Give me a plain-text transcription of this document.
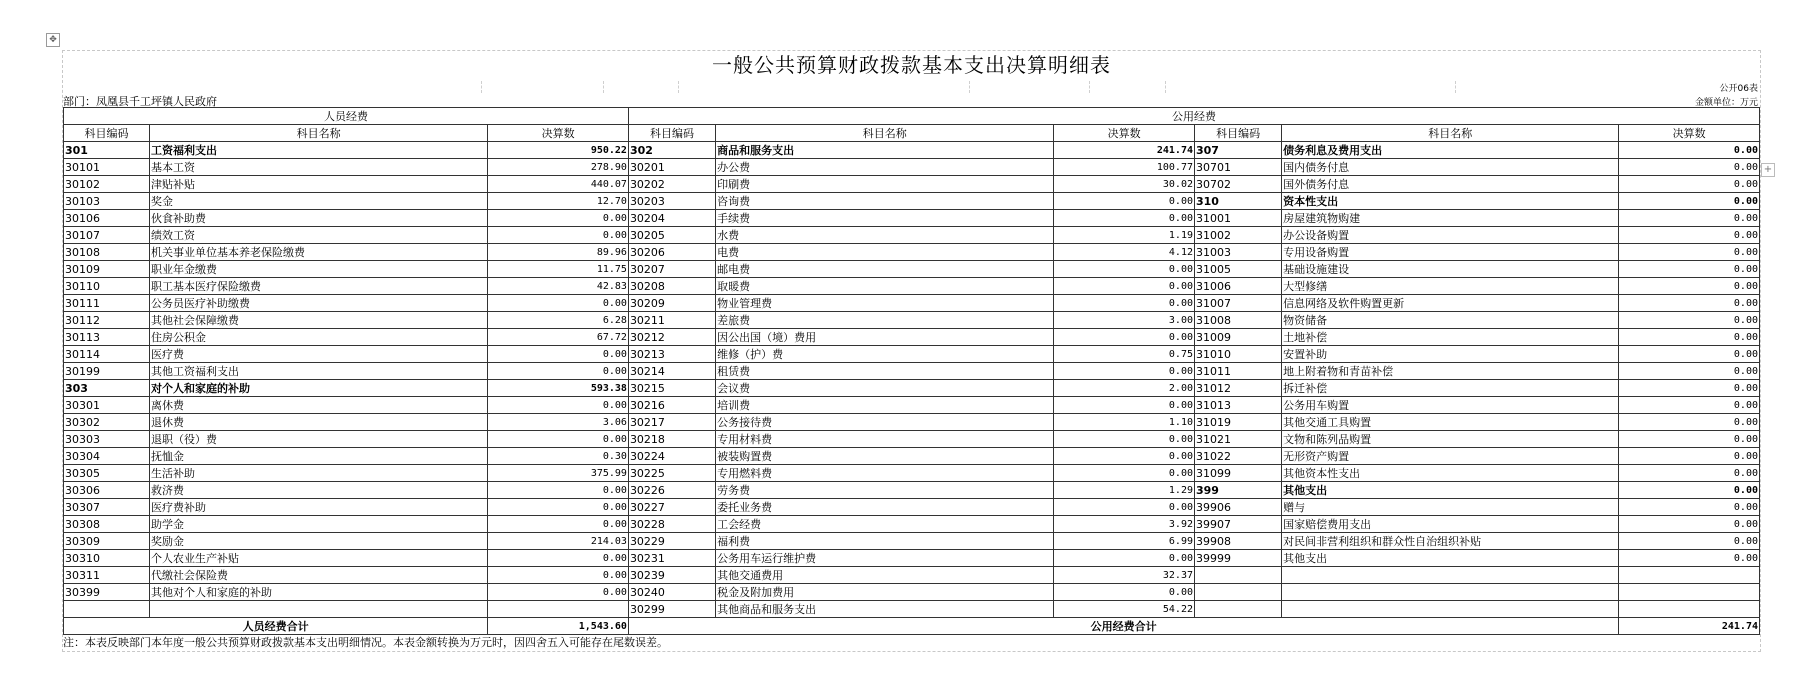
✥
+
一般公共预算财政拨款基本支出决算明细表
公开06表
部门：凤凰县千工坪镇人民政府	金额单位：万元
人员经费			公用经费					
科目编码	科目名称	决算数	科目编码	科目名称	决算数	科目编码	科目名称	决算数
301	工资福利支出	950.22	302	商品和服务支出	241.74	307	债务利息及费用支出	0.00
30101	基本工资	278.90	30201	办公费	100.77	30701	国内债务付息	0.00
30102	津贴补贴	440.07	30202	印刷费	30.02	30702	国外债务付息	0.00
30103	奖金	12.70	30203	咨询费	0.00	310	资本性支出	0.00
30106	伙食补助费	0.00	30204	手续费	0.00	31001	房屋建筑物购建	0.00
30107	绩效工资	0.00	30205	水费	1.19	31002	办公设备购置	0.00
30108	机关事业单位基本养老保险缴费	89.96	30206	电费	4.12	31003	专用设备购置	0.00
30109	职业年金缴费	11.75	30207	邮电费	0.00	31005	基础设施建设	0.00
30110	职工基本医疗保险缴费	42.83	30208	取暖费	0.00	31006	大型修缮	0.00
30111	公务员医疗补助缴费	0.00	30209	物业管理费	0.00	31007	信息网络及软件购置更新	0.00
30112	其他社会保障缴费	6.28	30211	差旅费	3.00	31008	物资储备	0.00
30113	住房公积金	67.72	30212	因公出国（境）费用	0.00	31009	土地补偿	0.00
30114	医疗费	0.00	30213	维修（护）费	0.75	31010	安置补助	0.00
30199	其他工资福利支出	0.00	30214	租赁费	0.00	31011	地上附着物和青苗补偿	0.00
303	对个人和家庭的补助	593.38	30215	会议费	2.00	31012	拆迁补偿	0.00
30301	离休费	0.00	30216	培训费	0.00	31013	公务用车购置	0.00
30302	退休费	3.06	30217	公务接待费	1.10	31019	其他交通工具购置	0.00
30303	退职（役）费	0.00	30218	专用材料费	0.00	31021	文物和陈列品购置	0.00
30304	抚恤金	0.30	30224	被装购置费	0.00	31022	无形资产购置	0.00
30305	生活补助	375.99	30225	专用燃料费	0.00	31099	其他资本性支出	0.00
30306	救济费	0.00	30226	劳务费	1.29	399	其他支出	0.00
30307	医疗费补助	0.00	30227	委托业务费	0.00	39906	赠与	0.00
30308	助学金	0.00	30228	工会经费	3.92	39907	国家赔偿费用支出	0.00
30309	奖励金	214.03	30229	福利费	6.99	39908	对民间非营利组织和群众性自治组织补贴	0.00
30310	个人农业生产补贴	0.00	30231	公务用车运行维护费	0.00	39999	其他支出	0.00
30311	代缴社会保险费	0.00	30239	其他交通费用	32.37			
30399	其他对个人和家庭的补助	0.00	30240	税金及附加费用	0.00			
			30299	其他商品和服务支出	54.22			
人员经费合计		1,543.60	公用经费合计					241.74
注：本表反映部门本年度一般公共预算财政拨款基本支出明细情况。本表金额转换为万元时，因四舍五入可能存在尾数误差。
